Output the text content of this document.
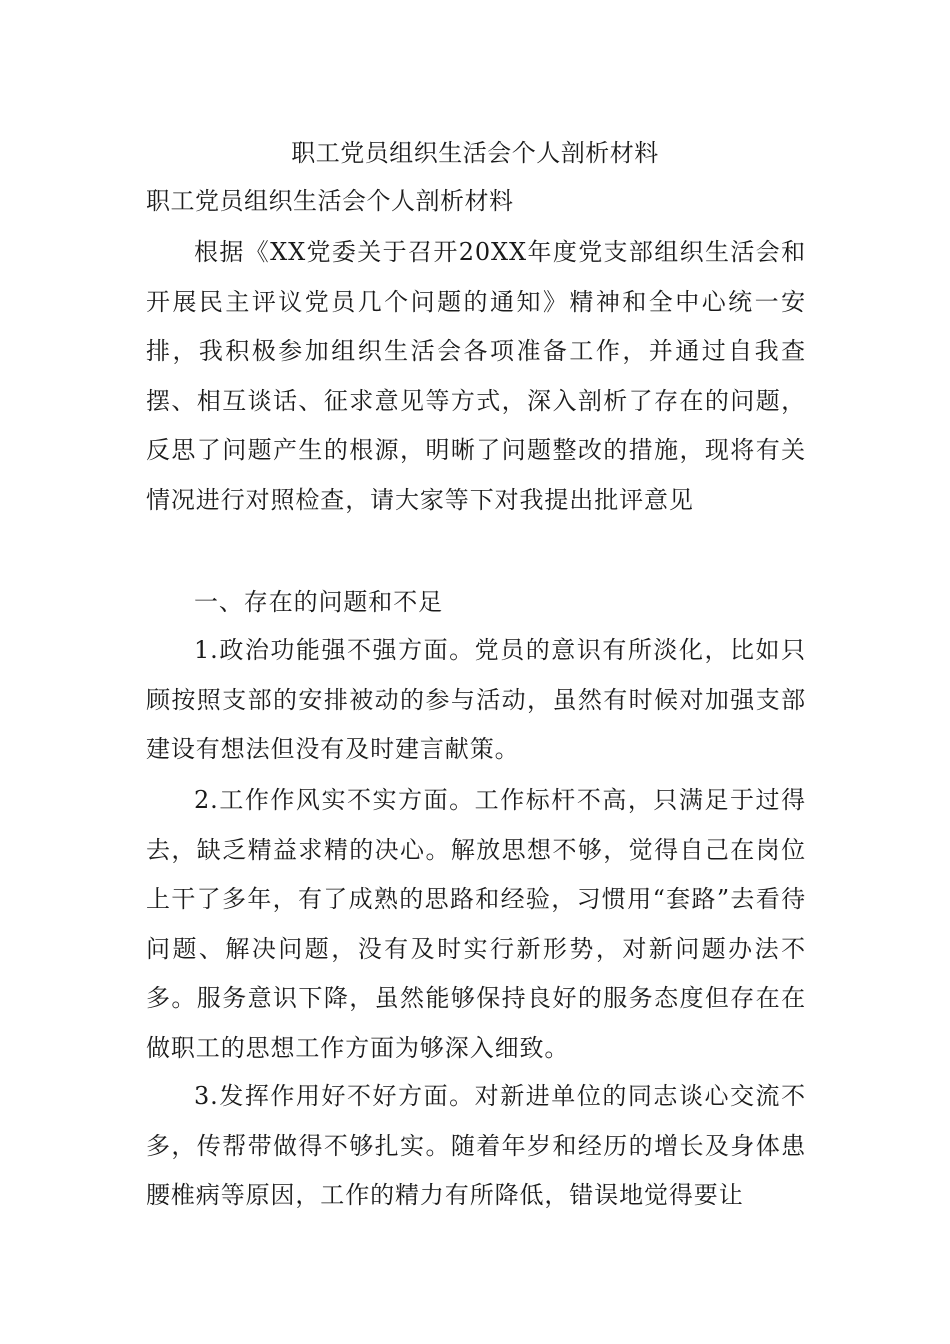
职工党员组织生活会个人剖析材料
职工党员组织生活会个人剖析材料

根据《XX党委关于召开20XX年度党支部组织生活会和开展民主评议党员几个问题的通知》精神和全中心统一安排，我积极参加组织生活会各项准备工作，并通过自我查摆、相互谈话、征求意见等方式，深入剖析了存在的问题，反思了问题产生的根源，明晰了问题整改的措施，现将有关情况进行对照检查，请大家等下对我提出批评意见

一、存在的问题和不足

1.政治功能强不强方面。党员的意识有所淡化，比如只顾按照支部的安排被动的参与活动，虽然有时候对加强支部建设有想法但没有及时建言献策。

2.工作作风实不实方面。工作标杆不高，只满足于过得去，缺乏精益求精的决心。解放思想不够，觉得自己在岗位上干了多年，有了成熟的思路和经验，习惯用“套路”去看待问题、解决问题，没有及时实行新形势，对新问题办法不多。服务意识下降，虽然能够保持良好的服务态度但存在在做职工的思想工作方面为够深入细致。

3.发挥作用好不好方面。对新进单位的同志谈心交流不多，传帮带做得不够扎实。随着年岁和经历的增长及身体患腰椎病等原因，工作的精力有所降低，错误地觉得要让
